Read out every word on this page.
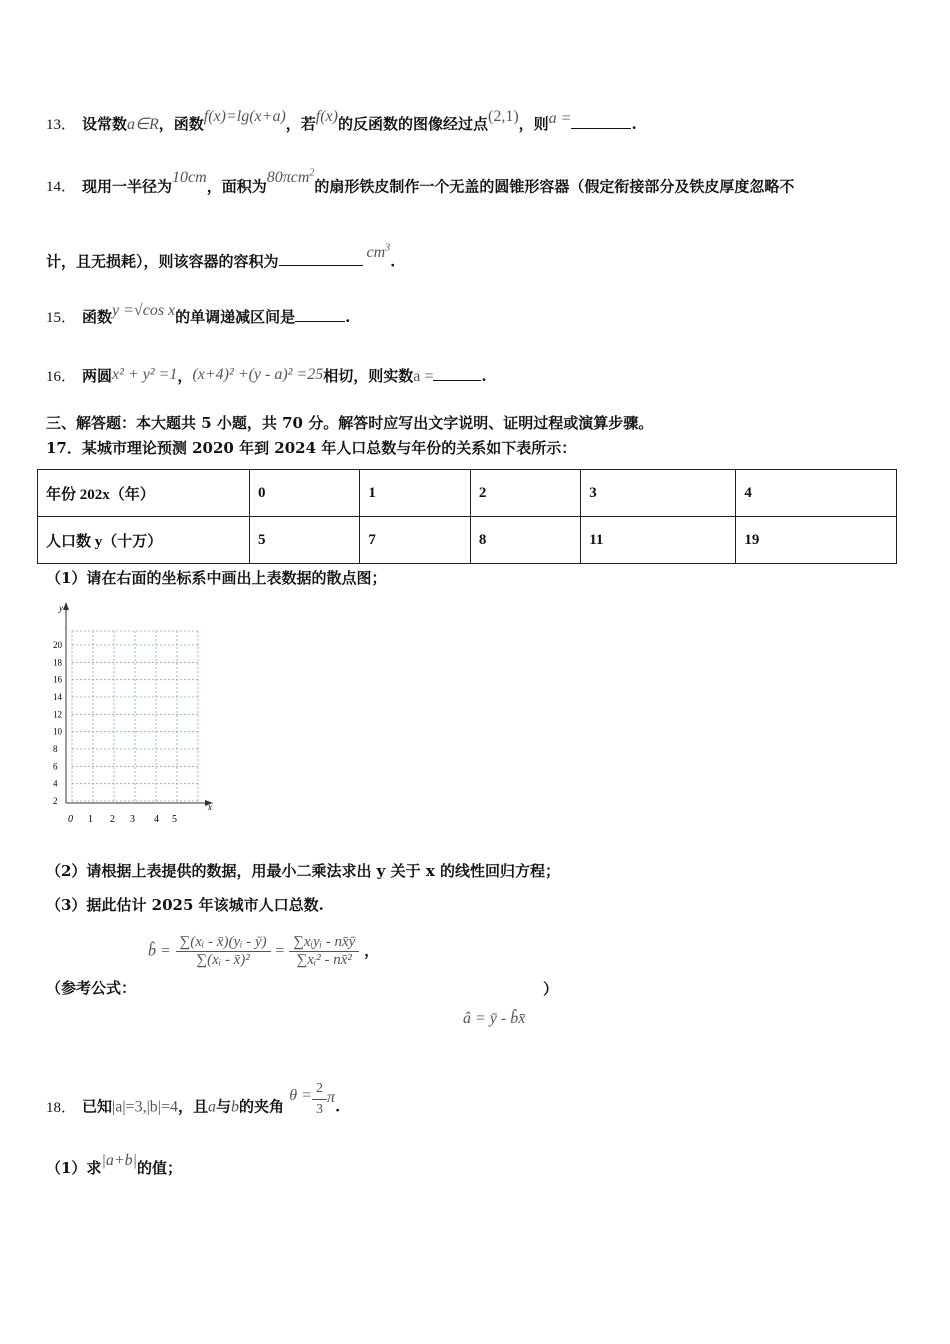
13． 设常数a∈R，函数f(x)=lg(x+a)，若f(x)的反函数的图像经过点(2,1)，则a =	.
14． 现用一半径为10cm，面积为80πcm$^2$的扇形铁皮制作一个无盖的圆锥形容器（假定衔接部分及铁皮厚度忽略不
计，且无损耗），则该容器的容积为	$cm^3$.
15． 函数y =√cos x的单调递减区间是	.
16． 两圆x² + y² =1，(x+4)² +(y - a)² =25相切，则实数a =	.
三、解答题：本大题共 5 小题，共 70 分。解答时应写出文字说明、证明过程或演算步骤。
17．某城市理论预测 2020 年到 2024 年人口总数与年份的关系如下表所示：
年份 202x（年）	0	1	2	3	4
人口数 y（十万）	5	7	8	11	19
（1）请在右面的坐标系中画出上表数据的散点图；
y
x
20
18
16
14
12
10
8
6
4
2
0 1 2 3 4 5
（2）请根据上表提供的数据，用最小二乘法求出 y 关于 x 的线性回归方程；
（3）据此估计 2025 年该城市人口总数.
（参考公式：
b̂ = $\frac{\text{∑(xᵢ - x̄)(yᵢ - ȳ)}}{\text{∑(xᵢ - x̄)²}} = \frac{\text{∑xᵢyᵢ - nx̄ȳ}}{\text{∑xᵢ² - nx̄²}}$ ，
â = ȳ - b̂x̄
）
18． 已知|a|=3,|b|=4，且a与b的夹角 $\theta = \frac{2}{3} \pi$.
（1）求|a+b|的值；
